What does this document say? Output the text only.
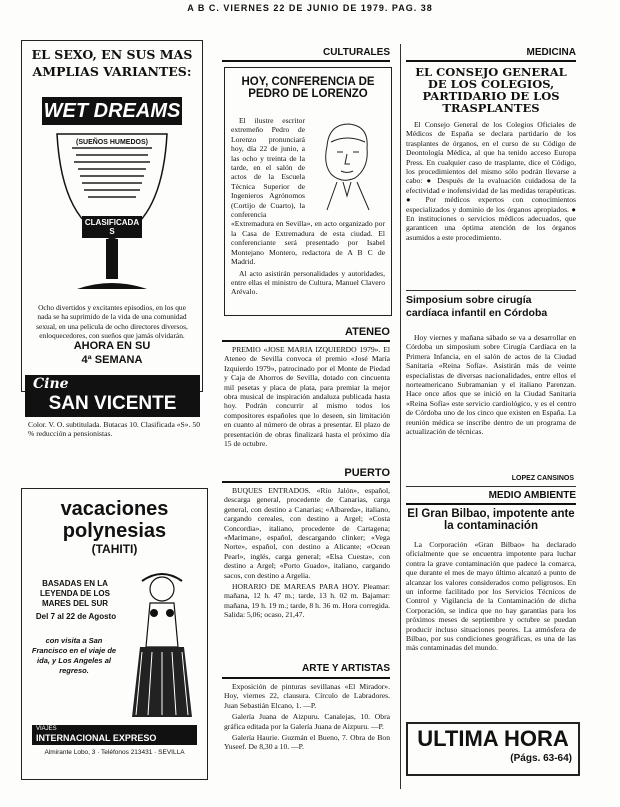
A B C. VIERNES 22 DE JUNIO DE 1979. PAG. 38
EL SEXO, EN SUS MAS
AMPLIAS VARIANTES:
WET DREAMS
(SUEÑOS HUMEDOS)
CLASIFICADA S
Ocho divertidos y excitantes episodios, en los que nada se ha suprimido de la vida de una comunidad sexual, en una película de ocho directores diversos, enloquecedores, con sueños que jamás olvidarán.
AHORA EN SU
4ª SEMANA
Cine
SAN VICENTE
Color. V. O. subtitulada. Butacas 10. Clasificada «S». 50 % reducción a pensionistas.
vacaciones
polynesias
(TAHITI)
BASADAS EN LA
LEYENDA DE LOS
MARES DEL SUR
Del 7 al 22 de Agosto
con visita a San Francisco en el viaje de ida, y Los Angeles al regreso.
VIAJES
INTERNACIONAL EXPRESO
Almirante Lobo, 3 · Teléfonos 213431 · SEVILLA
CULTURALES
HOY, CONFERENCIA DE PEDRO DE LORENZO

El ilustre escritor extremeño Pedro de Lorenzo pronunciará hoy, día 22 de junio, a las ocho y treinta de la tarde, en el salón de actos de la Escuela Técnica Superior de Ingenieros Agrónomos (Cortijo de Cuarto), la conferencia «Extremadura en Sevilla», en acto organizado por la Casa de Extremadura de esta ciudad. El conferenciante será presentado por Isabel Montejano Montero, redactora de A B C de Madrid.

Al acto asistirán personalidades y autoridades, entre ellas el ministro de Cultura, Manuel Clavero Arévalo.

ATENEO

PREMIO «JOSE MARIA IZQUIERDO 1979». El Ateneo de Sevilla convoca el premio «José María Izquierdo 1979», patrocinado por el Monte de Piedad y Caja de Ahorros de Sevilla, dotado con cincuenta mil pesetas y placa de plata, para premiar la mejor obra musical de inspiración andaluza publicada hasta hoy. Podrán concurrir al mismo todos los compositores españoles que lo deseen, sin limitación en cuanto al número de obras a presentar. El plazo de presentación de obras finalizará hasta el próximo día 15 de octubre.

PUERTO

BUQUES ENTRADOS. «Río Jalón», español, descarga general, procedente de Canarias, carga general, con destino a Canarias; «Albareda», italiano, cargando cereales, con destino a Argel; «Costa Concordia», italiano, procedente de Cartagena; «Mariman», español, descargando clinker; «Vega Norte», español, con destino a Alicante; «Ocean Pearl», inglés, carga general; «Elsa Cuesta», con destino a Argel; «Porto Guado», italiano, cargando sacos, con destino a Argelia.

HORARIO DE MAREAS PARA HOY. Pleamar: mañana, 12 h. 47 m.; tarde, 13 h. 02 m. Bajamar: mañana, 19 h. 19 m.; tarde, 8 h. 36 m. Hora corregida. Salida: 5,06; ocaso, 21,47.

ARTE Y ARTISTAS

Exposición de pinturas sevillanas «El Mirador». Hoy, viernes 22, clausura. Círculo de Labradores. Juan Sebastián Elcano, 1. —P.

Galería Juana de Aizpuru. Canalejas, 10. Obra gráfica editada por la Galería Juana de Aizpuru. —P.

Galería Haurie. Guzmán el Bueno, 7. Obra de Bon Yuseef. De 8,30 a 10. —P.

MEDICINA
EL CONSEJO GENERAL DE LOS COLEGIOS, PARTIDARIO DE LOS TRASPLANTES

El Consejo General de los Colegios Oficiales de Médicos de España se declara partidario de los trasplantes de órganos, en el curso de su Código de Deontología Médica, al que ha tenido acceso Europa Press. En cualquier caso de trasplante, dice el Código, los procedimientos del mismo sólo podrán llevarse a cabo: ● Después de la evaluación cuidadosa de la efectividad e inofensividad de las medidas terapéuticas. ● Por médicos expertos con conocimientos especializados y dominio de los órganos apropiados. ● En instituciones o servicios médicos adecuados, que garanticen una óptima atención de los órganos asumidos a este procedimiento.

Simposium sobre cirugía cardíaca infantil en Córdoba

Hoy viernes y mañana sábado se va a desarrollar en Córdoba un simposium sobre Cirugía Cardíaca en la Primera Infancia, en el salón de actos de la Ciudad Sanitaria «Reina Sofía». Asistirán más de veinte especialistas de diversas nacionalidades, entre ellos el norteamericano Subramanian y el italiano Parenzan. Hace once años que se inició en la Ciudad Sanitaria «Reina Sofía» este servicio cardiológico, y es el centro de Córdoba uno de los cinco que existen en España. La reunión médica se inscribe dentro de un programa de actualización de técnicas.

LOPEZ CANSINOS
MEDIO AMBIENTE
El Gran Bilbao, impotente ante la contaminación

La Corporación «Gran Bilbao» ha declarado oficialmente que se encuentra impotente para luchar contra la grave contaminación que padece la comarca, que durante el mes de mayo último alcanzó a punto de alcanzar los valores considerados como peligrosos. En un informe facilitado por los Servicios Técnicos de Control y Vigilancia de la Contaminación de dicha Corporación, se indica que no hay garantías para los próximos meses de septiembre y octubre se puedan producir incluso situaciones peores. La atmósfera de Bilbao, por sus condiciones geográficas, es una de las más contaminadas del mundo.

ULTIMA HORA
(Págs. 63-64)
